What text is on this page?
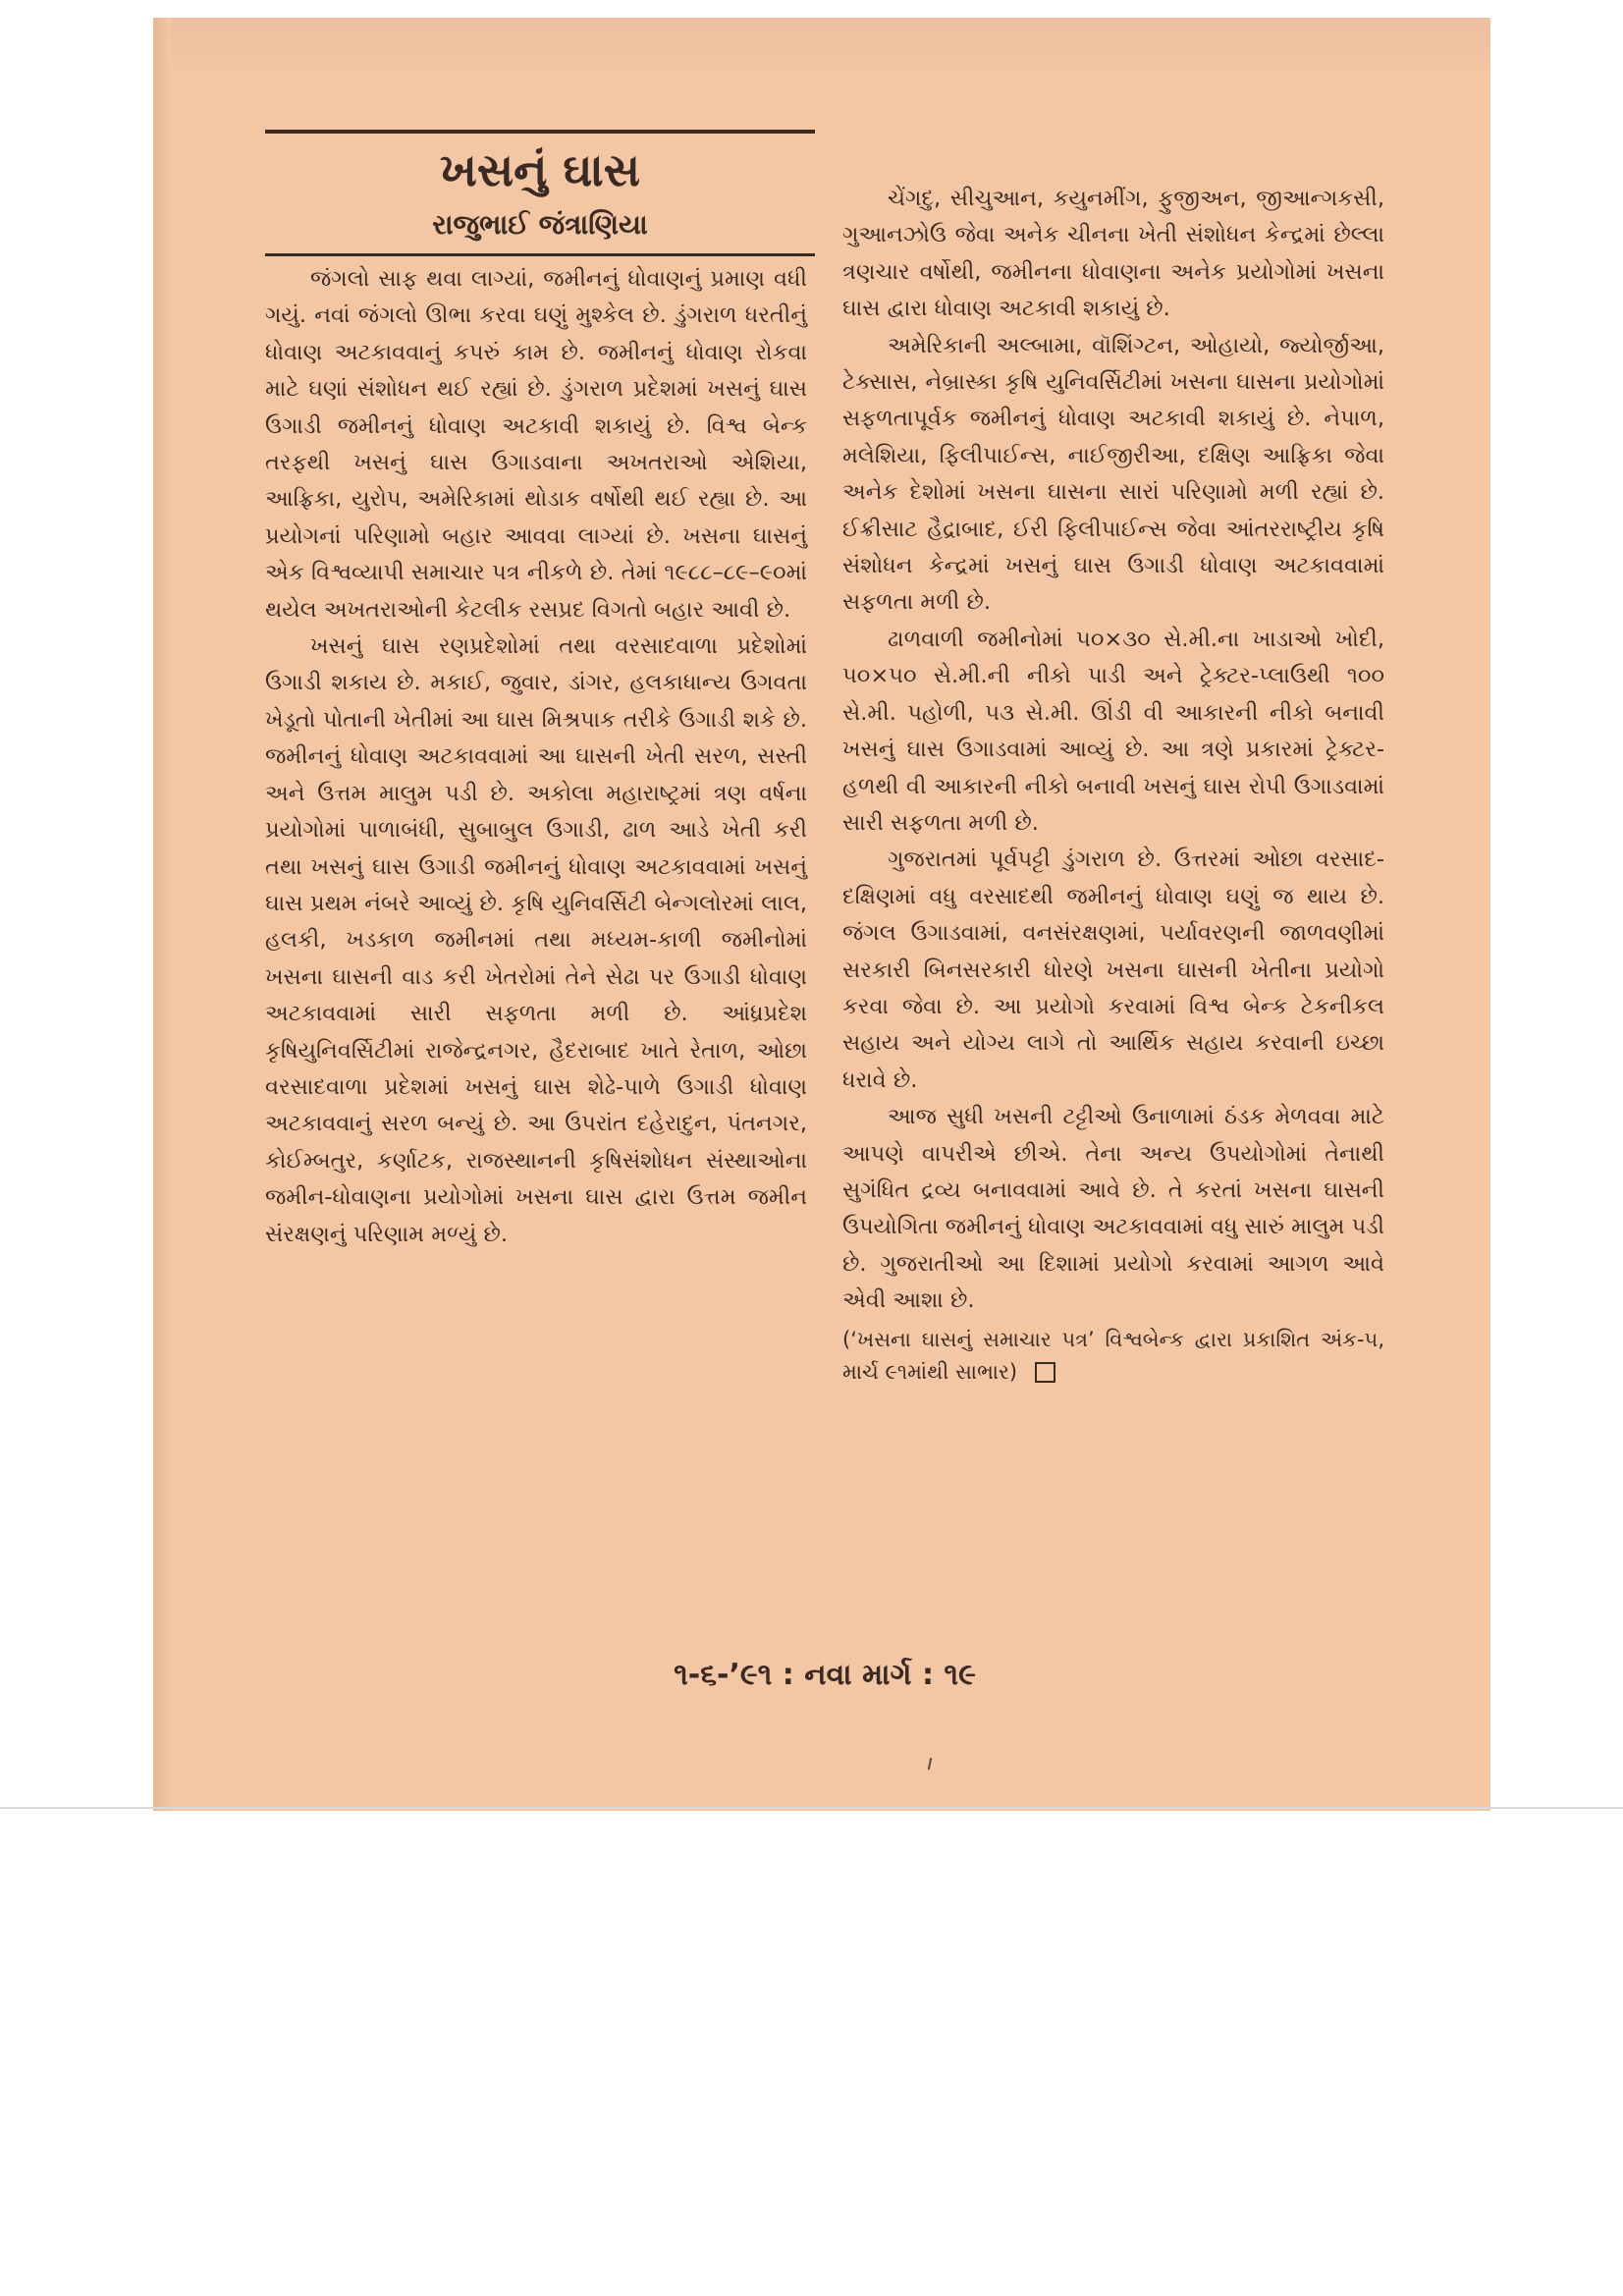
ખસનું ઘાસ
રાજુભાઈ જંત્રાણિયા

જંગલો સાફ થવા લાગ્યાં, જમીનનું ધોવાણનું પ્રમાણ વધી ગયું. નવાં જંગલો ઊભા કરવા ઘણું મુશ્કેલ છે. ડુંગરાળ ધરતીનું ધોવાણ અટકાવવાનું કપરું કામ છે. જમીનનું ધોવાણ રોકવા માટે ઘણાં સંશોધન થઈ રહ્યાં છે. ડુંગરાળ પ્રદેશમાં ખસનું ઘાસ ઉગાડી જમીનનું ધોવાણ અટકાવી શકાયું છે. વિશ્વ બેન્ક તરફથી ખસનું ઘાસ ઉગાડવાના અખતરાઓ એશિયા, આફ્રિકા, યુરોપ, અમેરિકામાં થોડાક વર્ષોથી થઈ રહ્યા છે. આ પ્રયોગનાં પરિણામો બહાર આવવા લાગ્યાં છે. ખસના ઘાસનું એક વિશ્વવ્યાપી સમાચાર પત્ર નીકળે છે. તેમાં ૧૯૮૮–૮૯–૯૦માં થયેલ અખતરાઓની કેટલીક રસપ્રદ વિગતો બહાર આવી છે.

ખસનું ઘાસ રણપ્રદેશોમાં તથા વરસાદવાળા પ્રદેશોમાં ઉગાડી શકાય છે. મકાઈ, જુવાર, ડાંગર, હલકાધાન્ય ઉગવતા ખેડૂતો પોતાની ખેતીમાં આ ઘાસ મિશ્રપાક તરીકે ઉગાડી શકે છે. જમીનનું ધોવાણ અટકાવવામાં આ ઘાસની ખેતી સરળ, સસ્તી અને ઉત્તમ માલુમ પડી છે. અકોલા મહારાષ્ટ્રમાં ત્રણ વર્ષના પ્રયોગોમાં પાળાબંધી, સુબાબુલ ઉગાડી, ઢાળ આડે ખેતી કરી તથા ખસનું ઘાસ ઉગાડી જમીનનું ધોવાણ અટકાવવામાં ખસનું ઘાસ પ્રથમ નંબરે આવ્યું છે. કૃષિ યુનિવર્સિટી બેન્ગલોરમાં લાલ, હલકી, ખડકાળ જમીનમાં તથા મધ્યમ-કાળી જમીનોમાં ખસના ઘાસની વાડ કરી ખેતરોમાં તેને સેઢા પર ઉગાડી ધોવાણ અટકાવવામાં સારી સફળતા મળી છે. આંધ્રપ્રદેશ કૃષિયુનિવર્સિટીમાં રાજેન્દ્રનગર, હૈદરાબાદ ખાતે રેતાળ, ઓછા વરસાદવાળા પ્રદેશમાં ખસનું ઘાસ શેઢે-પાળે ઉગાડી ધોવાણ અટકાવવાનું સરળ બન્યું છે. આ ઉપરાંત દહેરાદુન, પંતનગર, કોઈમ્બતુર, કર્ણાટક, રાજસ્થાનની કૃષિસંશોધન સંસ્થાઓના જમીન-ધોવાણના પ્રયોગોમાં ખસના ઘાસ દ્વારા ઉત્તમ જમીન સંરક્ષણનું પરિણામ મળ્યું છે.

ચેંગદુ, સીચુઆન, કયુનમીંગ, ફુજીઅન, જીઆન્ગકસી, ગુઆનઝોઉ જેવા અનેક ચીનના ખેતી સંશોધન કેન્દ્રમાં છેલ્લા ત્રણચાર વર્ષોથી, જમીનના ધોવાણના અનેક પ્રયોગોમાં ખસના ઘાસ દ્વારા ધોવાણ અટકાવી શકાયું છે.

અમેરિકાની અલ્બામા, વૉશિંગ્ટન, ઓહાયો, જ્યોર્જીઆ, ટેક્સાસ, નેબ્રાસ્કા કૃષિ યુનિવર્સિટીમાં ખસના ઘાસના પ્રયોગોમાં સફળતાપૂર્વક જમીનનું ધોવાણ અટકાવી શકાયું છે. નેપાળ, મલેશિયા, ફિલીપાઈન્સ, નાઈજીરીઆ, દક્ષિણ આફ્રિકા જેવા અનેક દેશોમાં ખસના ઘાસના સારાં પરિણામો મળી રહ્યાં છે. ઈક્રીસાટ હૈદ્રાબાદ, ઈરી ફિલીપાઈન્સ જેવા આંતરરાષ્ટ્રીય કૃષિ સંશોધન કેન્દ્રમાં ખસનું ઘાસ ઉગાડી ધોવાણ અટકાવવામાં સફળતા મળી છે.

ઢાળવાળી જમીનોમાં ૫૦×૩૦ સે.મી.ના ખાડાઓ ખોદી, ૫૦×૫૦ સે.મી.ની નીકો પાડી અને ટ્રેક્ટર-પ્લાઉથી ૧૦૦ સે.મી. પહોળી, ૫૩ સે.મી. ઊંડી વી આકારની નીકો બનાવી ખસનું ઘાસ ઉગાડવામાં આવ્યું છે. આ ત્રણે પ્રકારમાં ટ્રેક્ટર-હળથી વી આકારની નીકો બનાવી ખસનું ઘાસ રોપી ઉગાડવામાં સારી સફળતા મળી છે.

ગુજરાતમાં પૂર્વપટ્ટી ડુંગરાળ છે. ઉત્તરમાં ઓછા વરસાદ-દક્ષિણમાં વધુ વરસાદથી જમીનનું ધોવાણ ઘણું જ થાય છે. જંગલ ઉગાડવામાં, વનસંરક્ષણમાં, પર્યાવરણની જાળવણીમાં સરકારી બિનસરકારી ધોરણે ખસના ઘાસની ખેતીના પ્રયોગો કરવા જેવા છે. આ પ્રયોગો કરવામાં વિશ્વ બેન્ક ટેકનીકલ સહાય અને યોગ્ય લાગે તો આર્થિક સહાય કરવાની ઇચ્છા ધરાવે છે.

આજ સુધી ખસની ટટ્ટીઓ ઉનાળામાં ઠંડક મેળવવા માટે આપણે વાપરીએ છીએ. તેના અન્ય ઉપયોગોમાં તેનાથી સુગંધિત દ્રવ્ય બનાવવામાં આવે છે. તે કરતાં ખસના ઘાસની ઉપયોગિતા જમીનનું ધોવાણ અટકાવવામાં વધુ સારું માલુમ પડી છે. ગુજરાતીઓ આ દિશામાં પ્રયોગો કરવામાં આગળ આવે એવી આશા છે.

(‘ખસના ઘાસનું સમાચાર પત્ર’ વિશ્વબેન્ક દ્વારા પ્રકાશિત અંક-૫, માર્ચ ૯૧માંથી સાભાર)

૧-૬-’૯૧ : નવા માર્ગ : ૧૯
